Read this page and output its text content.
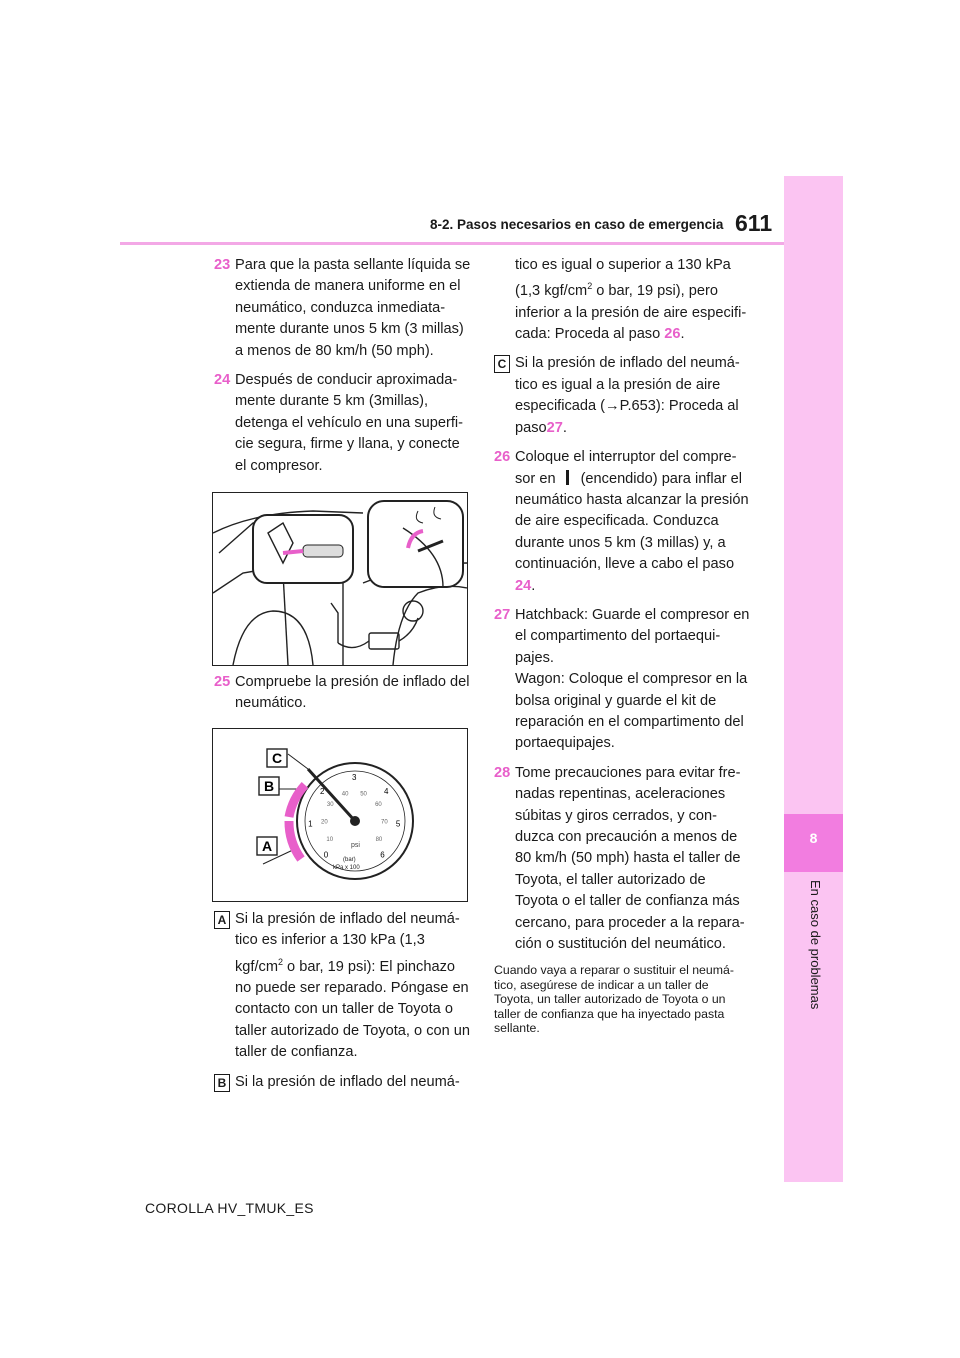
8-2. Pasos necesarios en caso de emergencia 611
8
En caso de problemas
23 Para que la pasta sellante líquida se extienda de manera uniforme en el neumático, conduzca inmediata-mente durante unos 5 km (3 millas) a menos de 80 km/h (50 mph).
24 Después de conducir aproximada-mente durante 5 km (3millas), detenga el vehículo en una superfi-cie segura, firme y llana, y conecte el compresor.
25 Compruebe la presión de inflado del neumático.
0
1
2
3
4
5
6
10
20
30
40 50
60
70
80
psi
(bar)
kPa x 100
C
B
A
A Si la presión de inflado del neumá-tico es inferior a 130 kPa (1,3 kgf/$cm^2$ o bar, 19 psi): El pinchazo no puede ser reparado. Póngase en contacto con un taller de Toyota o taller autorizado de Toyota, o con un taller de confianza.
B Si la presión de inflado del neumá-
tico es igual o superior a 130 kPa (1,3 kgf/$cm^2$ o bar, 19 psi), pero inferior a la presión de aire especifi-cada: Proceda al paso 26.
C Si la presión de inflado del neumá-tico es igual a la presión de aire especificada (→P.653): Proceda al paso27.
26 Coloque el interruptor del compre-sor en (encendido) para inflar el neumático hasta alcanzar la presión de aire especificada. Conduzca durante unos 5 km (3 millas) y, a continuación, lleve a cabo el paso 24.
27 Hatchback: Guarde el compresor en el compartimento del portaequi-pajes.
Wagon: Coloque el compresor en la bolsa original y guarde el kit de reparación en el compartimento del portaequipajes.
28 Tome precauciones para evitar fre-nadas repentinas, aceleraciones súbitas y giros cerrados, y con-duzca con precaución a menos de 80 km/h (50 mph) hasta el taller de Toyota, el taller autorizado de Toyota o el taller de confianza más cercano, para proceder a la repara-ción o sustitución del neumático.
Cuando vaya a reparar o sustituir el neumá-tico, asegúrese de indicar a un taller de Toyota, un taller autorizado de Toyota o un taller de confianza que ha inyectado pasta sellante.
COROLLA HV_TMUK_ES
